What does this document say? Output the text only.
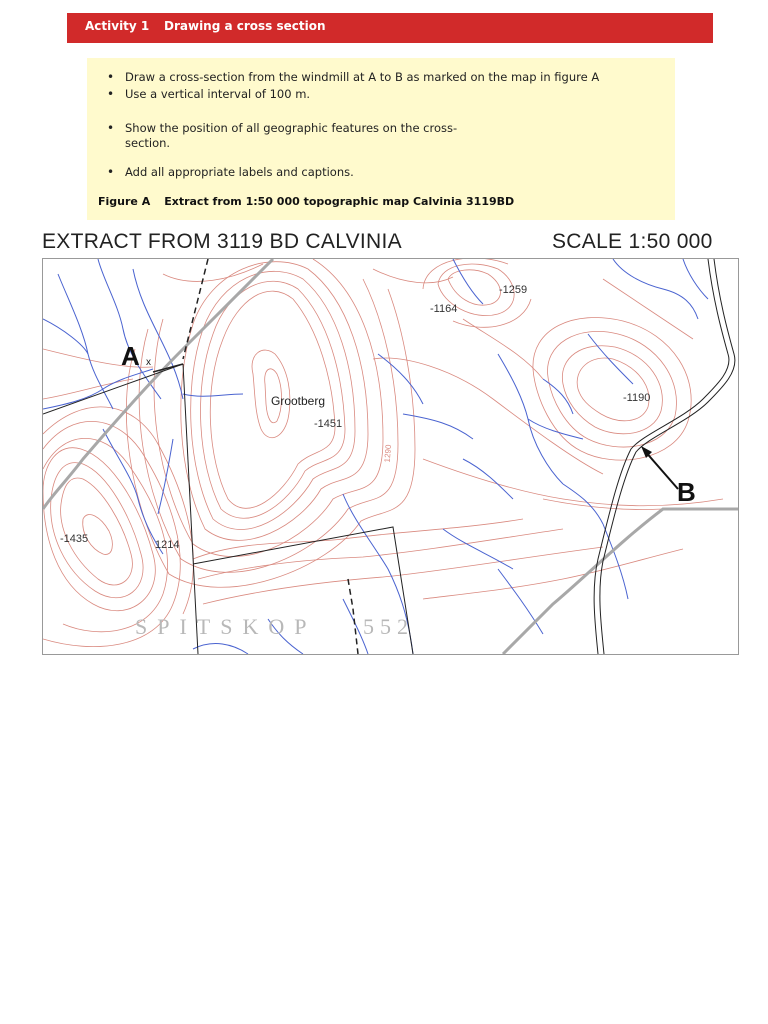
Activity 1 Drawing a cross section
• Draw a cross-section from the windmill at A to B as marked on the map in figure A
• Use a vertical interval of 100 m.
• Show the position of all geographic features on the cross-
section.
• Add all appropriate labels and captions.
Figure A Extract from 1:50 000 topographic map Calvinia 3119BD
EXTRACT FROM 3119 BD CALVINIA	SCALE 1:50 000
A x
B
Grootberg
-1259
-1164
-1190
-1451
-1435	1214
1290
SPITSKOP 552
